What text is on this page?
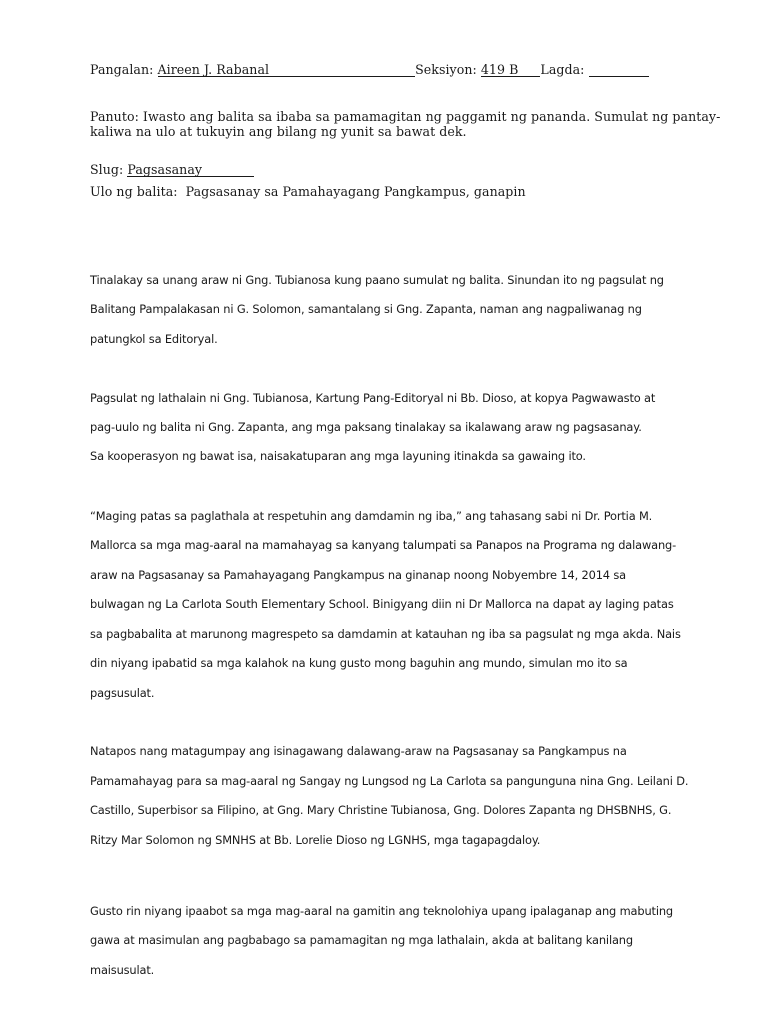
Pangalan: Aireen J. Rabanal	Seksiyon: 419 B Lagda:
Panuto: Iwasto ang balita sa ibaba sa pamamagitan ng paggamit ng pananda. Sumulat ng pantay-
kaliwa na ulo at tukuyin ang bilang ng yunit sa bawat dek.
Slug: Pagsasanay
Ulo ng balita: Pagsasanay sa Pamahayagang Pangkampus, ganapin
Tinalakay sa unang araw ni Gng. Tubianosa kung paano sumulat ng balita. Sinundan ito ng pagsulat ng
Balitang Pampalakasan ni G. Solomon, samantalang si Gng. Zapanta, naman ang nagpaliwanag ng
patungkol sa Editoryal.
Pagsulat ng lathalain ni Gng. Tubianosa, Kartung Pang-Editoryal ni Bb. Dioso, at kopya Pagwawasto at
pag-uulo ng balita ni Gng. Zapanta, ang mga paksang tinalakay sa ikalawang araw ng pagsasanay.
Sa kooperasyon ng bawat isa, naisakatuparan ang mga layuning itinakda sa gawaing ito.
“Maging patas sa paglathala at respetuhin ang damdamin ng iba,” ang tahasang sabi ni Dr. Portia M.
Mallorca sa mga mag-aaral na mamahayag sa kanyang talumpati sa Panapos na Programa ng dalawang-
araw na Pagsasanay sa Pamahayagang Pangkampus na ginanap noong Nobyembre 14, 2014 sa
bulwagan ng La Carlota South Elementary School. Binigyang diin ni Dr Mallorca na dapat ay laging patas
sa pagbabalita at marunong magrespeto sa damdamin at katauhan ng iba sa pagsulat ng mga akda. Nais
din niyang ipabatid sa mga kalahok na kung gusto mong baguhin ang mundo, simulan mo ito sa
pagsusulat.
Natapos nang matagumpay ang isinagawang dalawang-araw na Pagsasanay sa Pangkampus na
Pamamahayag para sa mag-aaral ng Sangay ng Lungsod ng La Carlota sa pangunguna nina Gng. Leilani D.
Castillo, Superbisor sa Filipino, at Gng. Mary Christine Tubianosa, Gng. Dolores Zapanta ng DHSBNHS, G.
Ritzy Mar Solomon ng SMNHS at Bb. Lorelie Dioso ng LGNHS, mga tagapagdaloy.
Gusto rin niyang ipaabot sa mga mag-aaral na gamitin ang teknolohiya upang ipalaganap ang mabuting
gawa at masimulan ang pagbabago sa pamamagitan ng mga lathalain, akda at balitang kanilang
maisusulat.
